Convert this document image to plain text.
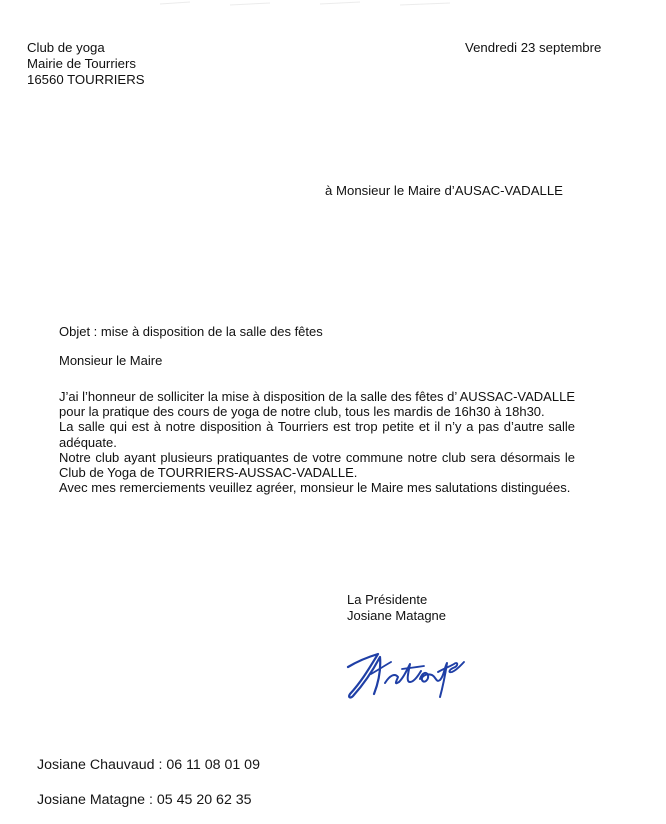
Club de yoga
Mairie de Tourriers
16560 TOURRIERS
Vendredi 23 septembre
à Monsieur le Maire d’AUSAC-VADALLE
Objet : mise à disposition de la salle des fêtes
Monsieur le Maire

J’ai l’honneur de solliciter la mise à disposition de la salle des fêtes d’ AUSSAC-VADALLE pour la pratique des cours de yoga de notre club, tous les mardis de 16h30 à 18h30.

La salle qui est à notre disposition à Tourriers est trop petite et il n’y a pas d’autre salle adéquate.

Notre club ayant plusieurs pratiquantes de votre commune notre club sera désormais le Club de Yoga de TOURRIERS-AUSSAC-VADALLE.

Avec mes remerciements veuillez agréer, monsieur le Maire mes salutations distinguées.

La Présidente
Josiane Matagne
Josiane Chauvaud : 06 11 08 01 09
Josiane Matagne : 05 45 20 62 35
